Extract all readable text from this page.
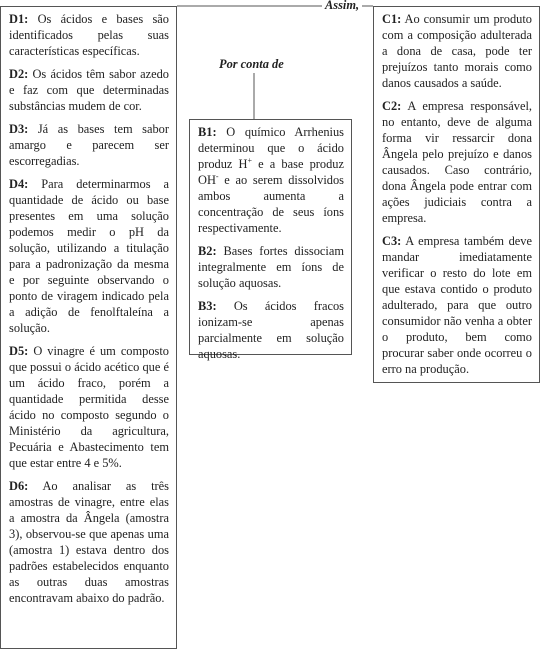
Assim,
Por conta de
D1: Os ácidos e bases são identificados pelas suas características específicas.
D2: Os ácidos têm sabor azedo e faz com que determinadas substâncias mudem de cor.
D3: Já as bases tem sabor amargo e parecem ser escorregadias.
D4: Para determinarmos a quantidade de ácido ou base presentes em uma solução podemos medir o pH da solução, utilizando a titulação para a padronização da mesma e por seguinte observando o ponto de viragem indicado pela a adição de fenolftaleína a solução.
D5: O vinagre é um composto que possui o ácido acético que é um ácido fraco, porém a quantidade permitida desse ácido no composto segundo o Ministério da agricultura, Pecuária e Abastecimento tem que estar entre 4 e 5%.
D6: Ao analisar as três amostras de vinagre, entre elas a amostra da Ângela (amostra 3), observou-se que apenas uma (amostra 1) estava dentro dos padrões estabelecidos enquanto as outras duas amostras encontravam abaixo do padrão.
B1: O químico Arrhenius determinou que o ácido produz H+ e a base produz OH- e ao serem dissolvidos ambos aumenta a concentração de seus íons respectivamente.
B2: Bases fortes dissociam integralmente em íons de solução aquosas.
B3: Os ácidos fracos ionizam-se apenas parcialmente em solução aquosas.
C1: Ao consumir um produto com a composição adulterada a dona de casa, pode ter prejuízos tanto morais como danos causados a saúde.
C2: A empresa responsável, no entanto, deve de alguma forma vir ressarcir dona Ângela pelo prejuízo e danos causados. Caso contrário, dona Ângela pode entrar com ações judiciais contra a empresa.
C3: A empresa também deve mandar imediatamente verificar o resto do lote em que estava contido o produto adulterado, para que outro consumidor não venha a obter o produto, bem como procurar saber onde ocorreu o erro na produção.
